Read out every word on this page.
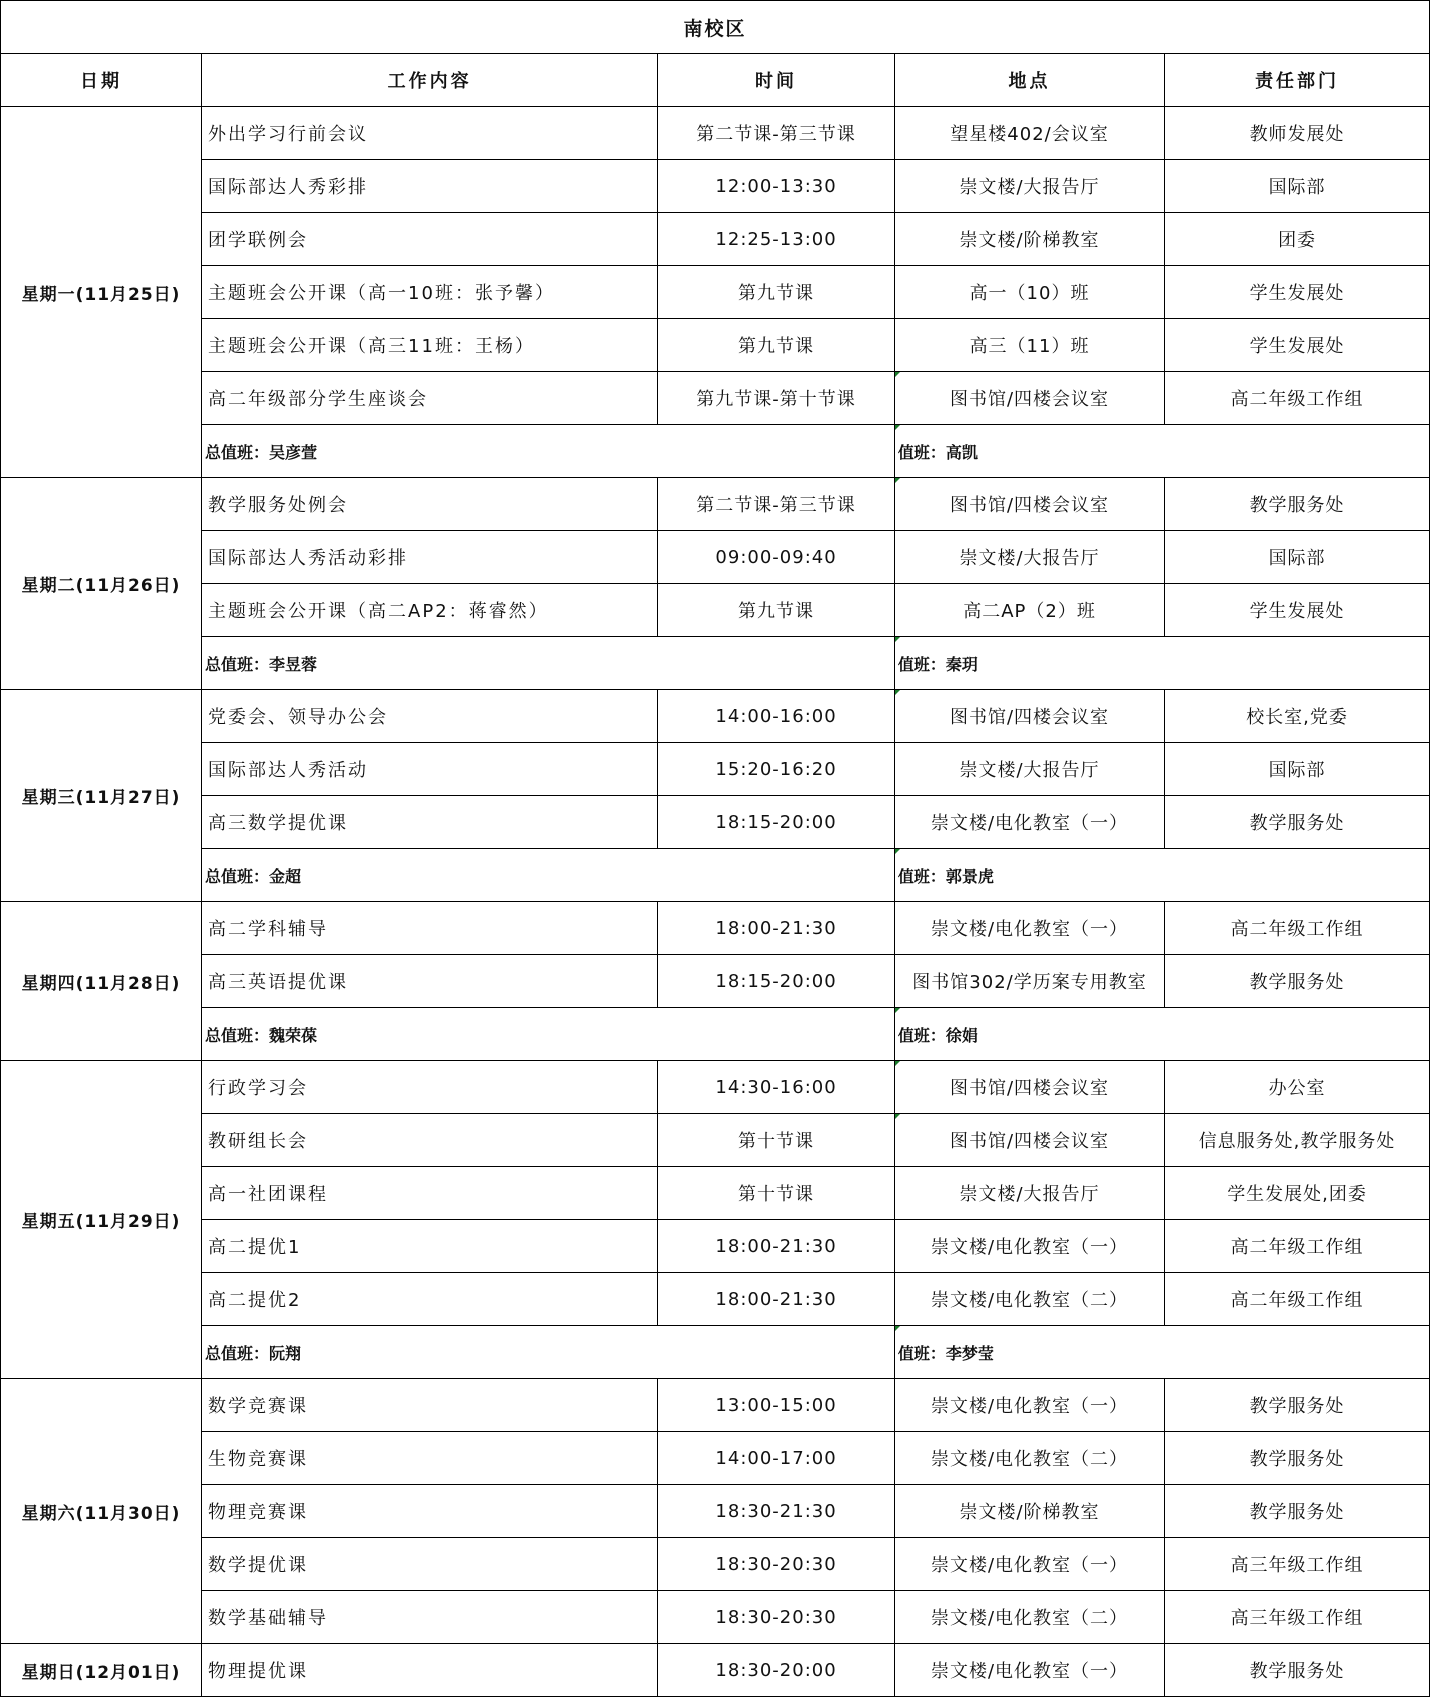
南校区				
日期	工作内容	时间	地点	责任部门
星期一(11月25日)	外出学习行前会议	第二节课-第三节课	望星楼402/会议室	教师发展处
	国际部达人秀彩排	12:00-13:30	崇文楼/大报告厅	国际部
	团学联例会	12:25-13:00	崇文楼/阶梯教室	团委
	主题班会公开课（高一10班：张予馨）	第九节课	高一（10）班	学生发展处
	主题班会公开课（高三11班：王杨）	第九节课	高三（11）班	学生发展处
	高二年级部分学生座谈会	第九节课-第十节课	图书馆/四楼会议室	高二年级工作组
	总值班：吴彦萱		值班：高凯	
星期二(11月26日)	教学服务处例会	第二节课-第三节课	图书馆/四楼会议室	教学服务处
	国际部达人秀活动彩排	09:00-09:40	崇文楼/大报告厅	国际部
	主题班会公开课（高二AP2：蒋睿然）	第九节课	高二AP（2）班	学生发展处
	总值班：李昱蓉		值班：秦玥	
星期三(11月27日)	党委会、领导办公会	14:00-16:00	图书馆/四楼会议室	校长室,党委
	国际部达人秀活动	15:20-16:20	崇文楼/大报告厅	国际部
	高三数学提优课	18:15-20:00	崇文楼/电化教室（一）	教学服务处
	总值班：金超		值班：郭景虎	
星期四(11月28日)	高二学科辅导	18:00-21:30	崇文楼/电化教室（一）	高二年级工作组
	高三英语提优课	18:15-20:00	图书馆302/学历案专用教室	教学服务处
	总值班：魏荣葆		值班：徐娟	
星期五(11月29日)	行政学习会	14:30-16:00	图书馆/四楼会议室	办公室
	教研组长会	第十节课	图书馆/四楼会议室	信息服务处,教学服务处
	高一社团课程	第十节课	崇文楼/大报告厅	学生发展处,团委
	高二提优1	18:00-21:30	崇文楼/电化教室（一）	高二年级工作组
	高二提优2	18:00-21:30	崇文楼/电化教室（二）	高二年级工作组
	总值班：阮翔		值班：李梦莹	
星期六(11月30日)	数学竞赛课	13:00-15:00	崇文楼/电化教室（一）	教学服务处
	生物竞赛课	14:00-17:00	崇文楼/电化教室（二）	教学服务处
	物理竞赛课	18:30-21:30	崇文楼/阶梯教室	教学服务处
	数学提优课	18:30-20:30	崇文楼/电化教室（一）	高三年级工作组
	数学基础辅导	18:30-20:30	崇文楼/电化教室（二）	高三年级工作组
星期日(12月01日)	物理提优课	18:30-20:00	崇文楼/电化教室（一）	教学服务处
